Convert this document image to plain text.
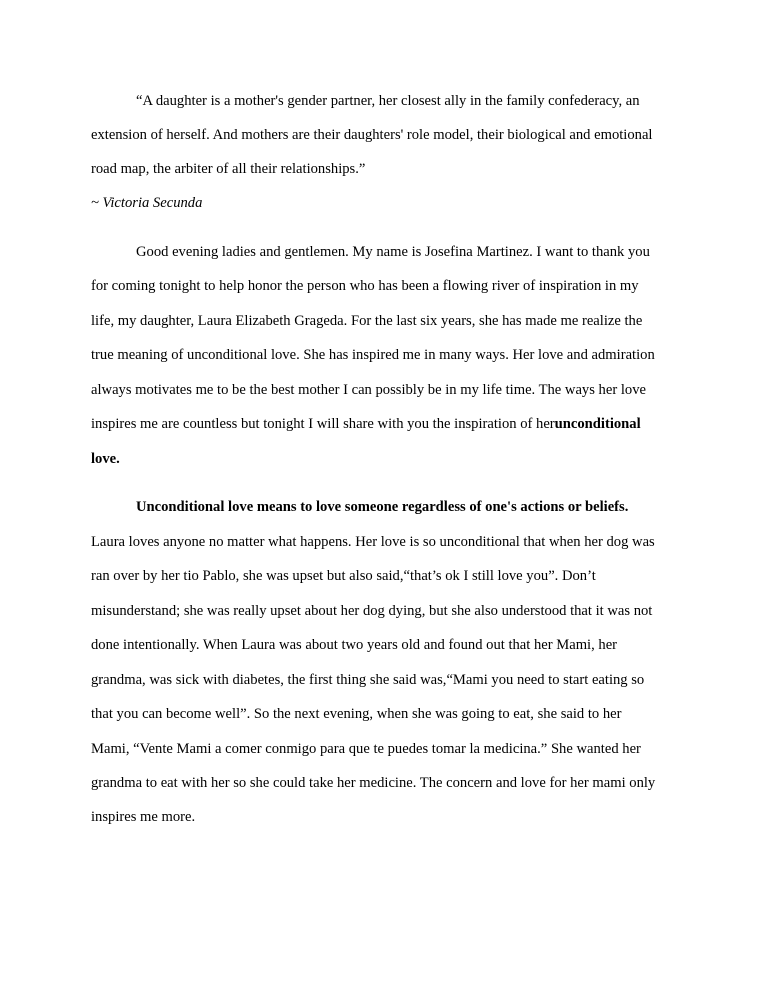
“A daughter is a mother's gender partner, her closest ally in the family confederacy, an
extension of herself. And mothers are their daughters' role model, their biological and emotional
road map, the arbiter of all their relationships.”
~ Victoria Secunda
Good evening ladies and gentlemen. My name is Josefina Martinez. I want to thank you
for coming tonight to help honor the person who has been a flowing river of inspiration in my
life, my daughter, Laura Elizabeth Grageda. For the last six years, she has made me realize the
true meaning of unconditional love. She has inspired me in many ways. Her love and admiration
always motivates me to be the best mother I can possibly be in my life time. The ways her love
inspires me are countless but tonight I will share with you the inspiration of herunconditional
love.
Unconditional love means to love someone regardless of one's actions or beliefs.
Laura loves anyone no matter what happens. Her love is so unconditional that when her dog was
ran over by her tio Pablo, she was upset but also said,“that’s ok I still love you”. Don’t
misunderstand; she was really upset about her dog dying, but she also understood that it was not
done intentionally. When Laura was about two years old and found out that her Mami, her
grandma, was sick with diabetes, the first thing she said was,“Mami you need to start eating so
that you can become well”. So the next evening, when she was going to eat, she said to her
Mami, “Vente Mami a comer conmigo para que te puedes tomar la medicina.” She wanted her
grandma to eat with her so she could take her medicine. The concern and love for her mami only
inspires me more.
